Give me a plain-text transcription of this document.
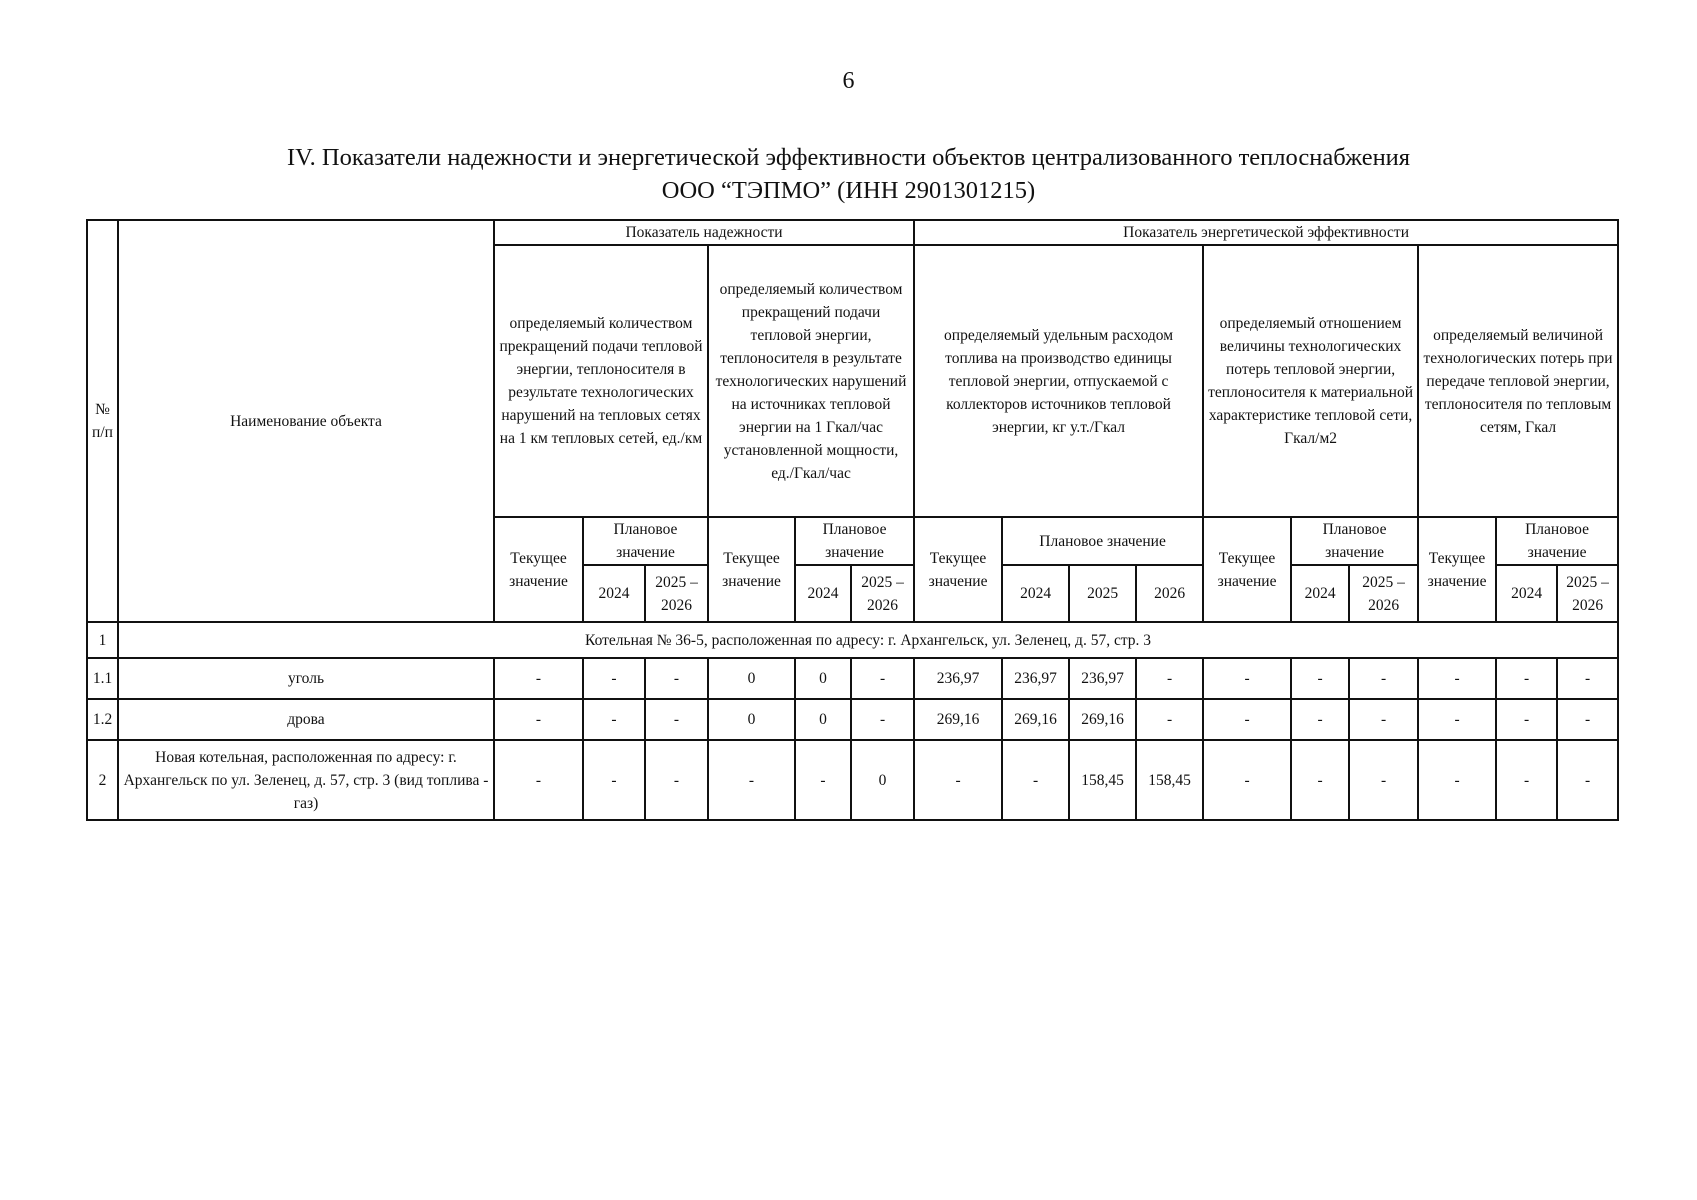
6
IV. Показатели надежности и энергетической эффективности объектов централизованного теплоснабжения
ООО “ТЭПМО” (ИНН 2901301215)
№ п/п	Наименование объекта	Показатель надежности						Показатель энергетической эффективности									
		определяемый количеством прекращений подачи тепловой энергии, теплоносителя в результате технологических нарушений на тепловых сетях на 1 км тепловых сетей, ед./км			определяемый количеством прекращений подачи тепловой энергии, теплоносителя в результате технологических нарушений на источниках тепловой энергии на 1 Гкал/час установленной мощности, ед./Гкал/час			определяемый удельным расходом топлива на производство единицы тепловой энергии, отпускаемой с коллекторов источников тепловой энергии, кг у.т./Гкал				определяемый отношением величины технологических потерь тепловой энергии, теплоносителя к материальной характеристике тепловой сети, Гкал/м2			определяемый величиной технологических потерь при передаче тепловой энергии, теплоносителя по тепловым сетям, Гкал		
		Текущее значение	Плановое значение		Текущее значение	Плановое значение		Текущее значение	Плановое значение			Текущее значение	Плановое значение		Текущее значение	Плановое значение	
			2024	2025 – 2026		2024	2025 – 2026		2024	2025	2026		2024	2025 – 2026		2024	2025 – 2026
1	Котельная № 36-5, расположенная по адресу: г. Архангельск, ул. Зеленец, д. 57, стр. 3																
1.1	уголь	-	-	-	0	0	-	236,97	236,97	236,97	-	-	-	-	-	-	-
1.2	дрова	-	-	-	0	0	-	269,16	269,16	269,16	-	-	-	-	-	-	-
2	Новая котельная, расположенная по адресу: г. Архангельск по ул. Зеленец, д. 57, стр. 3 (вид топлива - газ)	-	-	-	-	-	0	-	-	158,45	158,45	-	-	-	-	-	-
